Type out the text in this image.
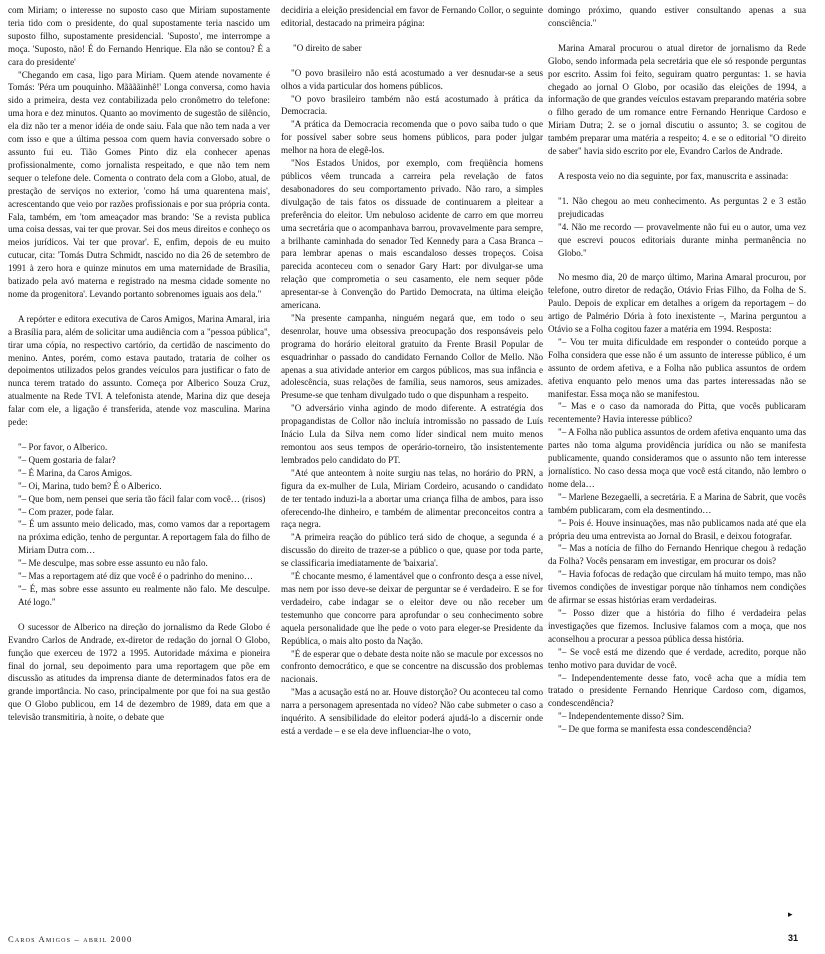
com Miriam; o interesse no suposto caso que Miriam supostamente teria tido com o presidente, do qual supostamente teria nascido um suposto filho, supostamente presidencial. 'Suposto', me interrompe a moça. 'Suposto, não! É do Fernando Henrique. Ela não se contou? É a cara do presidente'

"Chegando em casa, ligo para Miriam. Quem atende novamente é Tomás: 'Péra um pouquinho. Mããããinhê!' Longa conversa, como havia sido a primeira, desta vez contabilizada pelo cronômetro do telefone: uma hora e dez minutos. Quanto ao movimento de sugestão de silêncio, ela diz não ter a menor idéia de onde saiu. Fala que não tem nada a ver com isso e que a última pessoa com quem havia conversado sobre o assunto fui eu. Tião Gomes Pinto diz ela conhecer apenas profissionalmente, como jornalista respeitado, e que não tem nem sequer o telefone dele. Comenta o contrato dela com a Globo, atual, de prestação de serviços no exterior, 'como há uma quarentena mais', acrescentando que veio por razões profissionais e por sua própria conta. Fala, também, em 'tom ameaçador mas brando: 'Se a revista publica uma coisa dessas, vai ter que provar. Sei dos meus direitos e conheço os meios jurídicos. Vai ter que provar'. E, enfim, depois de eu muito cutucar, cita: 'Tomás Dutra Schmidt, nascido no dia 26 de setembro de 1991 à zero hora e quinze minutos em uma maternidade de Brasília, batizado pela avó materna e registrado na mesma cidade somente no nome da progenitora'. Levando portanto sobrenomes iguais aos dela."

A repórter e editora executiva de Caros Amigos, Marina Amaral, iria a Brasília para, além de solicitar uma audiência com a "pessoa pública", tirar uma cópia, no respectivo cartório, da certidão de nascimento do menino. Antes, porém, como estava pautado, trataria de colher os depoimentos utilizados pelos grandes veículos para justificar o fato de nunca terem tratado do assunto. Começa por Alberico Souza Cruz, atualmente na Rede TVI. A telefonista atende, Marina diz que deseja falar com ele, a ligação é transferida, atende voz masculina. Marina pede:

"– Por favor, o Alberico.

"– Quem gostaria de falar?

"– É Marina, da Caros Amigos.

"– Oi, Marina, tudo bem? É o Alberico.

"– Que bom, nem pensei que seria tão fácil falar com você… (risos)

"– Com prazer, pode falar.

"– É um assunto meio delicado, mas, como vamos dar a reportagem na próxima edição, tenho de perguntar. A reportagem fala do filho de Miriam Dutra com…

"– Me desculpe, mas sobre esse assunto eu não falo.

"– Mas a reportagem até diz que você é o padrinho do menino…

"– É, mas sobre esse assunto eu realmente não falo. Me desculpe. Até logo."

O sucessor de Alberico na direção do jornalismo da Rede Globo é Evandro Carlos de Andrade, ex-diretor de redação do jornal O Globo, função que exerceu de 1972 a 1995. Autoridade máxima e pioneira final do jornal, seu depoimento para uma reportagem que põe em discussão as atitudes da imprensa diante de determinados fatos era de grande importância. No caso, principalmente por que foi na sua gestão que O Globo publicou, em 14 de dezembro de 1989, data em que a televisão transmitiria, à noite, o debate que

decidiria a eleição presidencial em favor de Fernando Collor, o seguinte editorial, destacado na primeira página:

"O direito de saber

"O povo brasileiro não está acostumado a ver desnudar-se a seus olhos a vida particular dos homens públicos.

"O povo brasileiro também não está acostumado à prática da Democracia.

"A prática da Democracia recomenda que o povo saiba tudo o que for possível saber sobre seus homens públicos, para poder julgar melhor na hora de elegê-los.

"Nos Estados Unidos, por exemplo, com freqüência homens públicos vêem truncada a carreira pela revelação de fatos desabonadores do seu comportamento privado. Não raro, a simples divulgação de tais fatos os dissuade de continuarem a pleitear a preferência do eleitor. Um nebuloso acidente de carro em que morreu uma secretária que o acompanhava barrou, provavelmente para sempre, a brilhante caminhada do senador Ted Kennedy para a Casa Branca – para lembrar apenas o mais escandaloso desses tropeços. Coisa parecida aconteceu com o senador Gary Hart: por divulgar-se uma relação que comprometia o seu casamento, ele nem sequer pôde apresentar-se à Convenção do Partido Democrata, na última eleição americana.

"Na presente campanha, ninguém negará que, em todo o seu desenrolar, houve uma obsessiva preocupação dos responsáveis pelo programa do horário eleitoral gratuito da Frente Brasil Popular de esquadrinhar o passado do candidato Fernando Collor de Mello. Não apenas a sua atividade anterior em cargos públicos, mas sua infância e adolescência, suas relações de família, seus namoros, seus amizades. Presume-se que tenham divulgado tudo o que dispunham a respeito.

"O adversário vinha agindo de modo diferente. A estratégia dos propagandistas de Collor não incluía intromissão no passado de Luís Inácio Lula da Silva nem como líder sindical nem muito menos remontou aos seus tempos de operário-torneiro, tão insistentemente lembrados pelo candidato do PT.

"Até que anteontem à noite surgiu nas telas, no horário do PRN, a figura da ex-mulher de Lula, Miriam Cordeiro, acusando o candidato de ter tentado induzi-la a abortar uma criança filha de ambos, para isso oferecendo-lhe dinheiro, e também de alimentar preconceitos contra a raça negra.

"A primeira reação do público terá sido de choque, a segunda é a discussão do direito de trazer-se a público o que, quase por toda parte, se classificaria imediatamente de 'baixaria'.

"É chocante mesmo, é lamentável que o confronto desça a esse nível, mas nem por isso deve-se deixar de perguntar se é verdadeiro. E se for verdadeiro, cabe indagar se o eleitor deve ou não receber um testemunho que concorre para aprofundar o seu conhecimento sobre aquela personalidade que lhe pede o voto para eleger-se Presidente da República, o mais alto posto da Nação.

"É de esperar que o debate desta noite não se macule por excessos no confronto democrático, e que se concentre na discussão dos problemas nacionais.

"Mas a acusação está no ar. Houve distorção? Ou aconteceu tal como narra a personagem apresentada no vídeo? Não cabe submeter o caso a inquérito. A sensibilidade do eleitor poderá ajudá-lo a discernir onde está a verdade – e se ela deve influenciar-lhe o voto,

domingo próximo, quando estiver consultando apenas a sua consciência."

Marina Amaral procurou o atual diretor de jornalismo da Rede Globo, sendo informada pela secretária que ele só responde perguntas por escrito. Assim foi feito, seguiram quatro perguntas: 1. se havia chegado ao jornal O Globo, por ocasião das eleições de 1994, a informação de que grandes veículos estavam preparando matéria sobre o filho gerado de um romance entre Fernando Henrique Cardoso e Miriam Dutra; 2. se o jornal discutiu o assunto; 3. se cogitou de também preparar uma matéria a respeito; 4. e se o editorial "O direito de saber" havia sido escrito por ele, Evandro Carlos de Andrade.

A resposta veio no dia seguinte, por fax, manuscrita e assinada:

"1. Não chegou ao meu conhecimento. As perguntas 2 e 3 estão prejudicadas

"4. Não me recordo — provavelmente não fui eu o autor, uma vez que escrevi poucos editoriais durante minha permanência no Globo."

No mesmo dia, 20 de março último, Marina Amaral procurou, por telefone, outro diretor de redação, Otávio Frias Filho, da Folha de S. Paulo. Depois de explicar em detalhes a origem da reportagem – do artigo de Palmério Dória à foto inexistente –, Marina perguntou a Otávio se a Folha cogitou fazer a matéria em 1994. Resposta:

"– Vou ter muita dificuldade em responder o conteúdo porque a Folha considera que esse não é um assunto de interesse público, é um assunto de ordem afetiva, e a Folha não publica assuntos de ordem afetiva enquanto pelo menos uma das partes interessadas não se manifestar. Essa moça não se manifestou.

"– Mas e o caso da namorada do Pitta, que vocês publicaram recentemente? Havia interesse público?

"– A Folha não publica assuntos de ordem afetiva enquanto uma das partes não toma alguma providência jurídica ou não se manifesta publicamente, quando consideramos que o assunto não tem interesse jornalístico. No caso dessa moça que você está citando, não lembro o nome dela…

"– Marlene Bezegaelli, a secretária. E a Marina de Sabrit, que vocês também publicaram, com ela desmentindo…

"– Pois é. Houve insinuações, mas não publicamos nada até que ela própria deu uma entrevista ao Jornal do Brasil, e deixou fotografar.

"– Mas a notícia de filho do Fernando Henrique chegou à redação da Folha? Vocês pensaram em investigar, em procurar os dois?

"– Havia fofocas de redação que circulam há muito tempo, mas não tivemos condições de investigar porque não tínhamos nem condições de afirmar se essas histórias eram verdadeiras.

"– Posso dizer que a história do filho é verdadeira pelas investigações que fizemos. Inclusive falamos com a moça, que nos aconselhou a procurar a pessoa pública dessa história.

"– Se você está me dizendo que é verdade, acredito, porque não tenho motivo para duvidar de você.

"– Independentemente desse fato, você acha que a mídia tem tratado o presidente Fernando Henrique Cardoso com, digamos, condescendência?

"– Independentemente disso? Sim.

"– De que forma se manifesta essa condescendência?

▸
Caros Amigos – abril 2000	31
